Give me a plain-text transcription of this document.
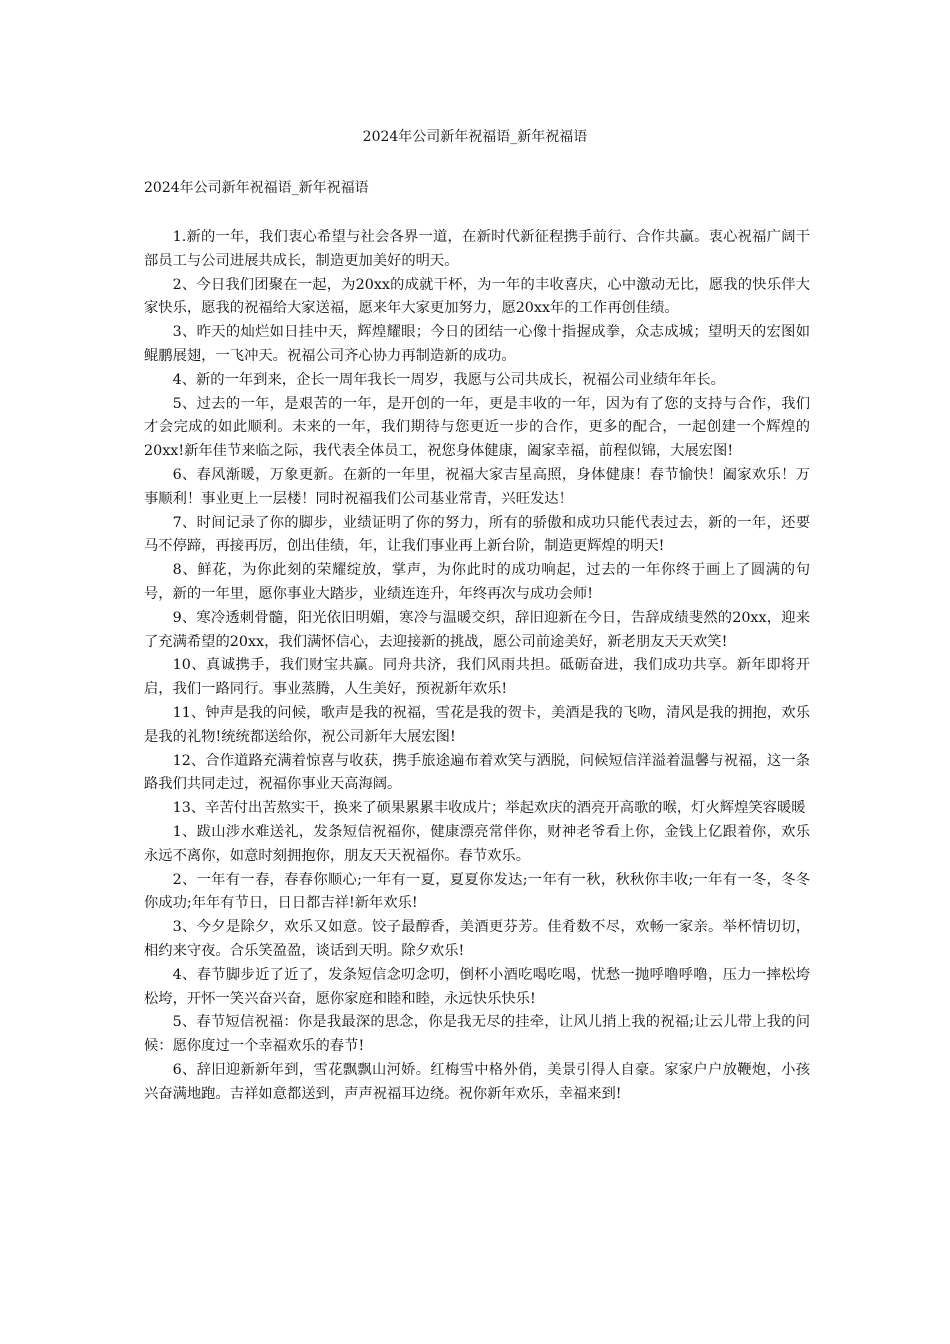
2024年公司新年祝福语_新年祝福语
2024年公司新年祝福语_新年祝福语

1.新的一年，我们衷心希望与社会各界一道，在新时代新征程携手前行、合作共赢。衷心祝福广阔干部员工与公司进展共成长，制造更加美好的明天。

2、今日我们团聚在一起，为20xx的成就干杯，为一年的丰收喜庆，心中激动无比，愿我的快乐伴大家快乐，愿我的祝福给大家送福，愿来年大家更加努力，愿20xx年的工作再创佳绩。

3、昨天的灿烂如日挂中天，辉煌耀眼；今日的团结一心像十指握成拳，众志成城；望明天的宏图如鲲鹏展翅，一飞冲天。祝福公司齐心协力再制造新的成功。

4、新的一年到来，企长一周年我长一周岁，我愿与公司共成长，祝福公司业绩年年长。

5、过去的一年，是艰苦的一年，是开创的一年，更是丰收的一年，因为有了您的支持与合作，我们才会完成的如此顺利。未来的一年，我们期待与您更近一步的合作，更多的配合，一起创建一个辉煌的20xx!新年佳节来临之际，我代表全体员工，祝您身体健康，阖家幸福，前程似锦，大展宏图!

6、春风渐暖，万象更新。在新的一年里，祝福大家吉星高照，身体健康！春节愉快！阖家欢乐！万事顺利！事业更上一层楼！同时祝福我们公司基业常青，兴旺发达！

7、时间记录了你的脚步，业绩证明了你的努力，所有的骄傲和成功只能代表过去，新的一年，还要马不停蹄，再接再厉，创出佳绩，年，让我们事业再上新台阶，制造更辉煌的明天!

8、鲜花，为你此刻的荣耀绽放，掌声，为你此时的成功响起，过去的一年你终于画上了圆满的句号，新的一年里，愿你事业大踏步，业绩连连升，年终再次与成功会师!

9、寒冷透刺骨髓，阳光依旧明媚，寒冷与温暖交织，辞旧迎新在今日，告辞成绩斐然的20xx，迎来了充满希望的20xx，我们满怀信心，去迎接新的挑战，愿公司前途美好，新老朋友天天欢笑!

10、真诚携手，我们财宝共赢。同舟共济，我们风雨共担。砥砺奋进，我们成功共享。新年即将开启，我们一路同行。事业蒸腾，人生美好，预祝新年欢乐!

11、钟声是我的问候，歌声是我的祝福，雪花是我的贺卡，美酒是我的飞吻，清风是我的拥抱，欢乐是我的礼物!统统都送给你，祝公司新年大展宏图!

12、合作道路充满着惊喜与收获，携手旅途遍布着欢笑与洒脱，问候短信洋溢着温馨与祝福，这一条路我们共同走过，祝福你事业天高海阔。

13、辛苦付出苦熬实干，换来了硕果累累丰收成片；举起欢庆的酒亮开高歌的喉，灯火辉煌笑容暖暖

1、跋山涉水难送礼，发条短信祝福你，健康漂亮常伴你，财神老爷看上你，金钱上亿跟着你，欢乐永远不离你，如意时刻拥抱你，朋友天天祝福你。春节欢乐。

2、一年有一春，春春你顺心;一年有一夏，夏夏你发达;一年有一秋，秋秋你丰收;一年有一冬，冬冬你成功;年年有节日，日日都吉祥!新年欢乐!

3、今夕是除夕，欢乐又如意。饺子最醇香，美酒更芬芳。佳肴数不尽，欢畅一家亲。举杯情切切，相约来守夜。合乐笑盈盈，谈话到天明。除夕欢乐!

4、春节脚步近了近了，发条短信念叨念叨，倒杯小酒吃喝吃喝，忧愁一抛呼噜呼噜，压力一摔松垮松垮，开怀一笑兴奋兴奋，愿你家庭和睦和睦，永远快乐快乐!

5、春节短信祝福：你是我最深的思念，你是我无尽的挂牵，让风儿捎上我的祝福;让云儿带上我的问候：愿你度过一个幸福欢乐的春节!

6、辞旧迎新新年到，雪花飘飘山河娇。红梅雪中格外俏，美景引得人自豪。家家户户放鞭炮，小孩兴奋满地跑。吉祥如意都送到，声声祝福耳边绕。祝你新年欢乐，幸福来到!
